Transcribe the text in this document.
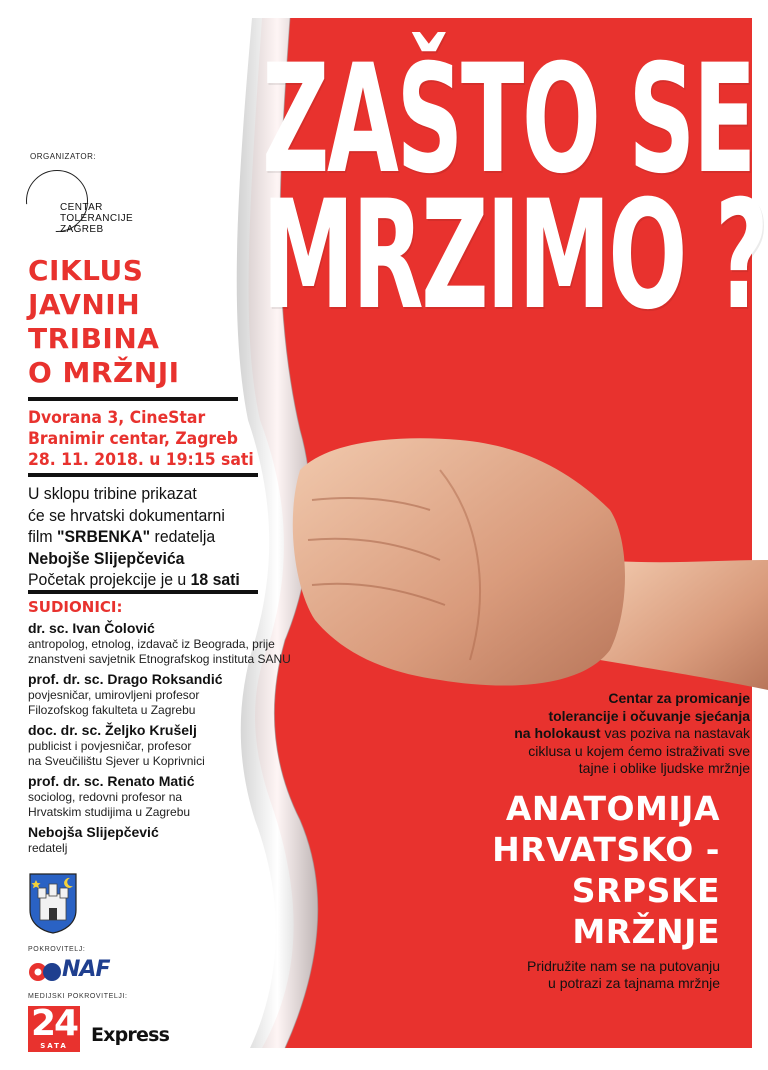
ZAŠTO SE
MRZIMO ?
ORGANIZATOR:
CENTAR
TOLERANCIJE
ZAGREB
CIKLUS
JAVNIH
TRIBINA
O MRŽNJI
Dvorana 3, CineStar
Branimir centar, Zagreb
28. 11. 2018. u 19:15 sati
U sklopu tribine prikazat
će se hrvatski dokumentarni
film "SRBENKA" redatelja
Nebojše Slijepčevića
Početak projekcije je u 18 sati
SUDIONICI:
dr. sc. Ivan Čolović
antropolog, etnolog, izdavač iz Beograda, prije
znanstveni savjetnik Etnografskog instituta SANU
prof. dr. sc. Drago Roksandić
povjesničar, umirovljeni profesor
Filozofskog fakulteta u Zagrebu
doc. dr. sc. Željko Krušelj
publicist i povjesničar, profesor
na Sveučilištu Sjever u Koprivnici
prof. dr. sc. Renato Matić
sociolog, redovni profesor na
Hrvatskim studijima u Zagrebu
Nebojša Slijepčević
redatelj
POKROVITELJ:
NAF
MEDIJSKI POKROVITELJI:
24
SATA	Express
Centar za promicanje
tolerancije i očuvanje sjećanja
na holokaust vas poziva na nastavak
ciklusa u kojem ćemo istraživati sve
tajne i oblike ljudske mržnje
ANATOMIJA
HRVATSKO -
SRPSKE
MRŽNJE
Pridružite nam se na putovanju
u potrazi za tajnama mržnje
